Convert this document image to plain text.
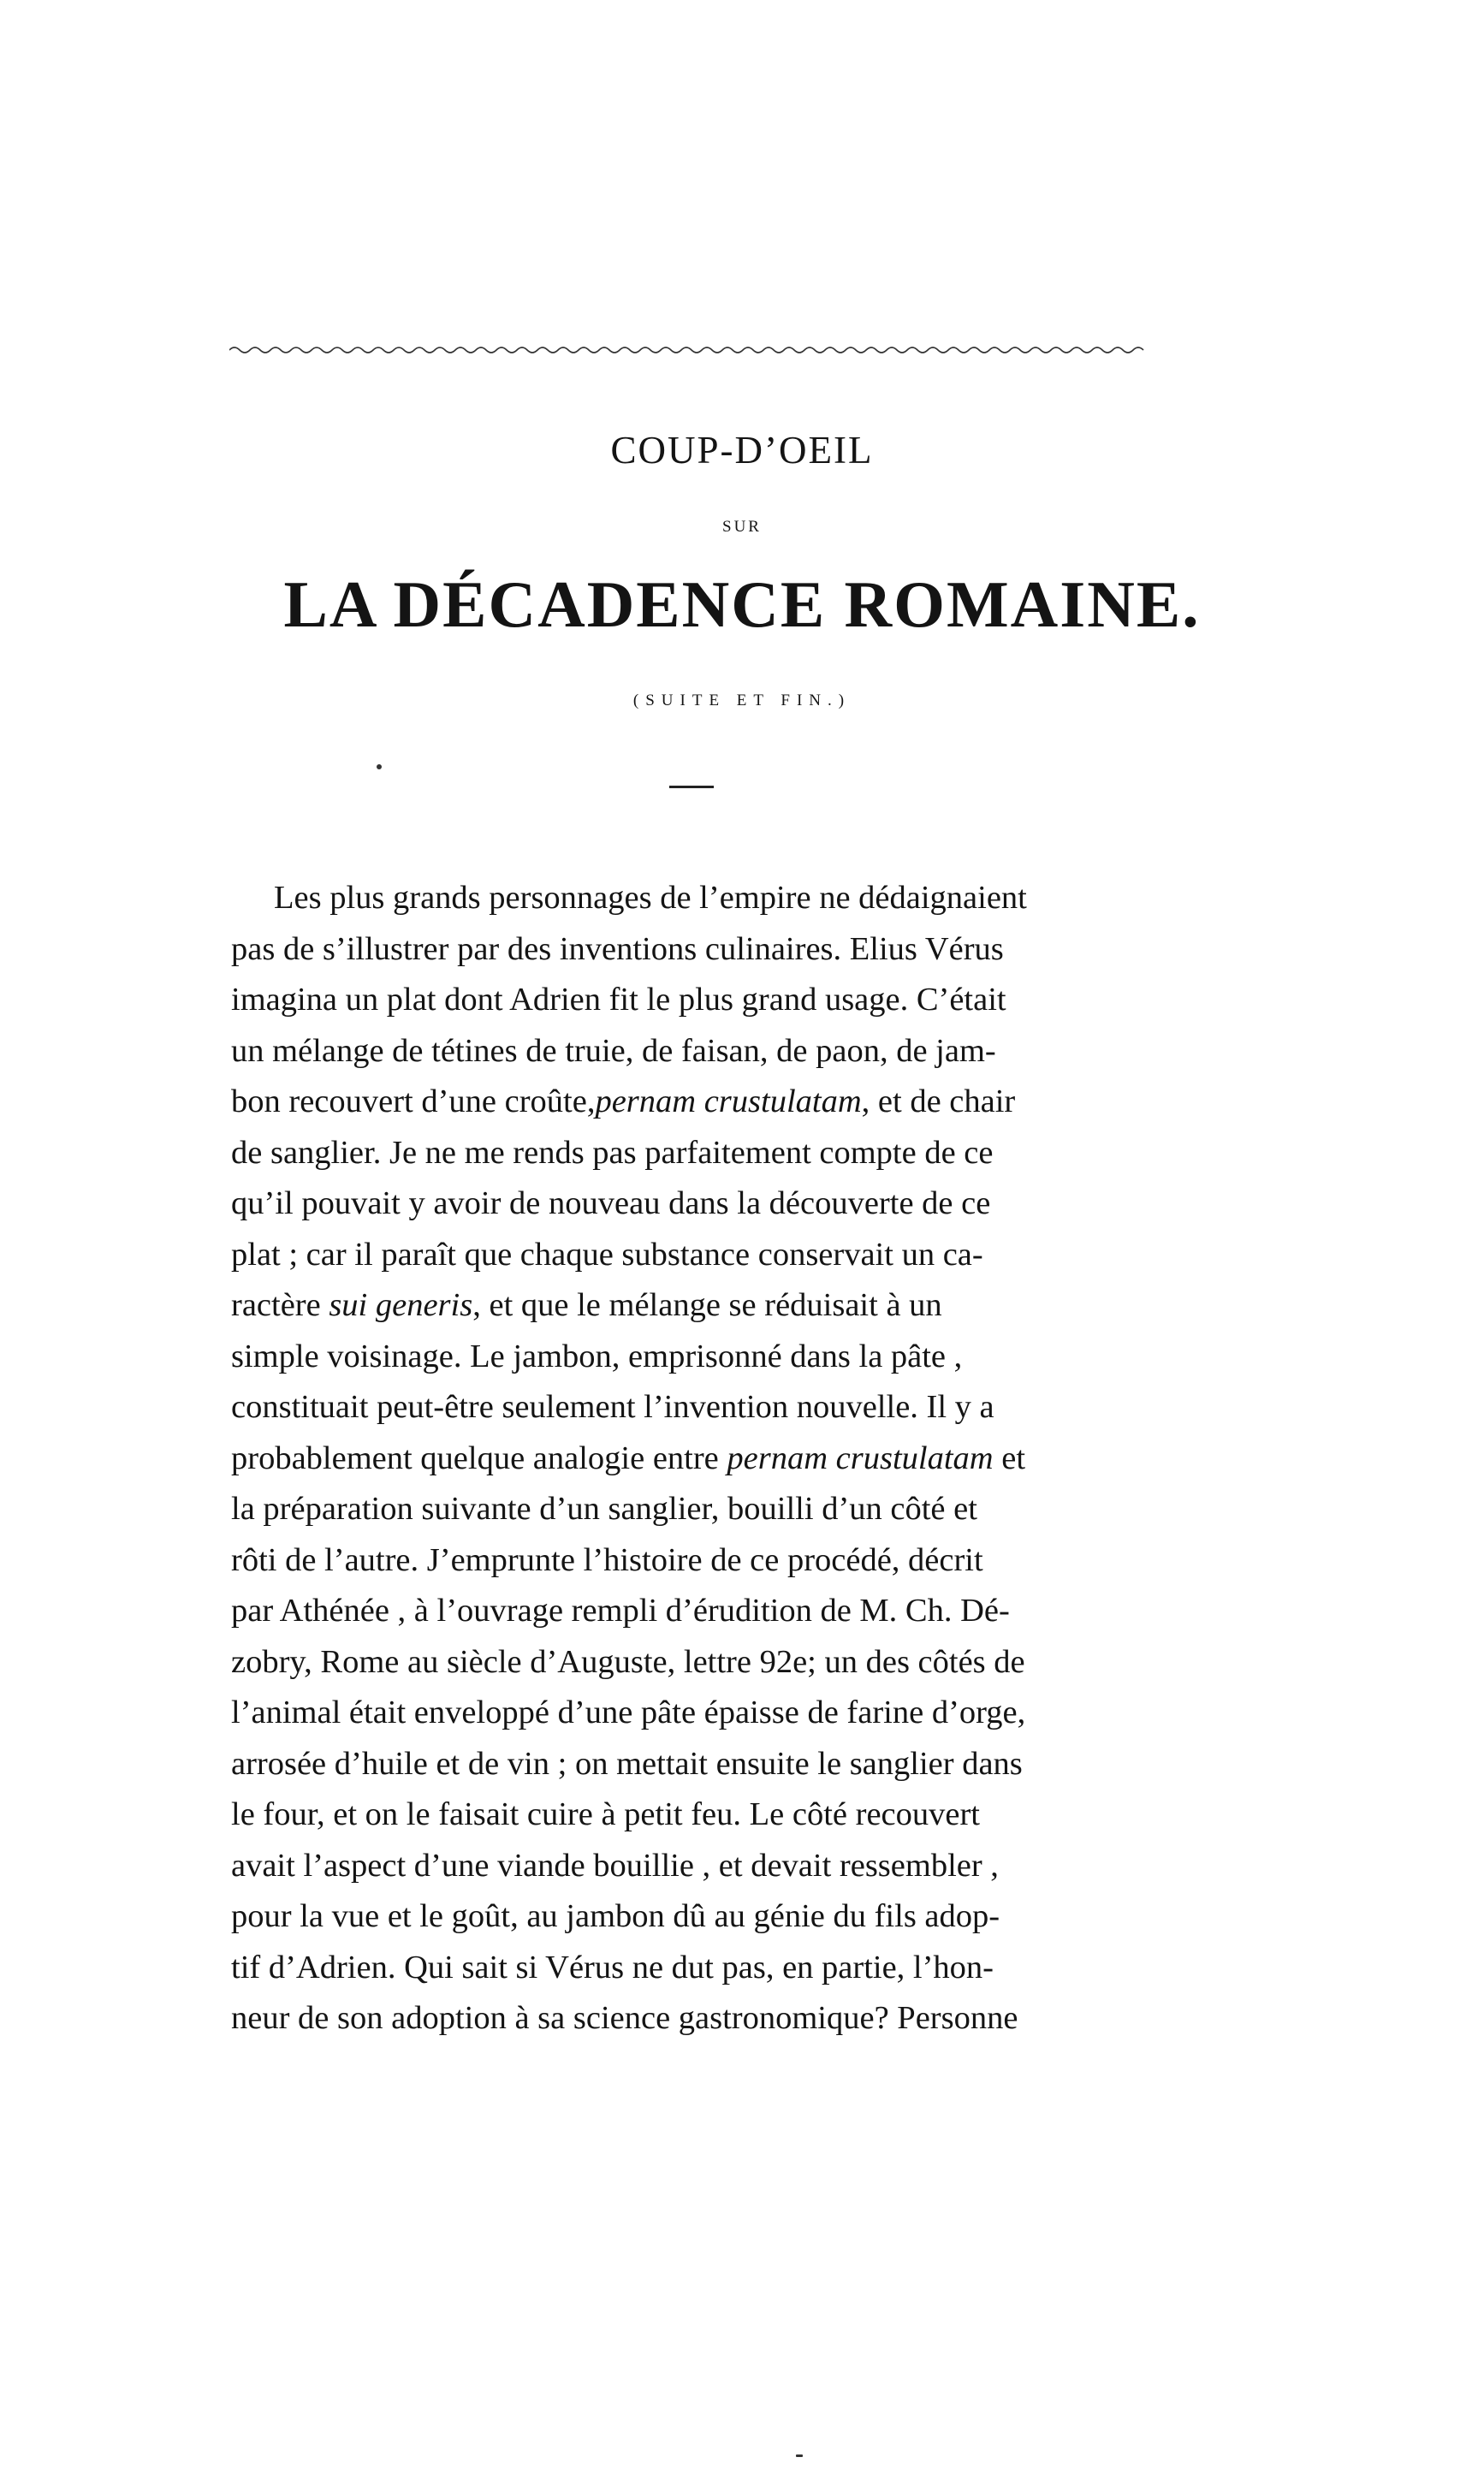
COUP-D’OEIL
SUR
LA DÉCADENCE ROMAINE.
(SUITE ET FIN.)
Les plus grands personnages de l’empire ne dédaignaient
pas de s’illustrer par des inventions culinaires. Elius Vérus
imagina un plat dont Adrien fit le plus grand usage. C’était
un mélange de tétines de truie, de faisan, de paon, de jam-
bon recouvert d’une croûte, pernam crustulatam , et de chair
de sanglier. Je ne me rends pas parfaitement compte de ce
qu’il pouvait y avoir de nouveau dans la découverte de ce
plat ; car il paraît que chaque substance conservait un ca-
ractère sui generis , et que le mélange se réduisait à un
simple voisinage. Le jambon, emprisonné dans la pâte ,
constituait peut-être seulement l’invention nouvelle. Il y a
probablement quelque analogie entre pernam crustulatam et
la préparation suivante d’un sanglier, bouilli d’un côté et
rôti de l’autre. J’emprunte l’histoire de ce procédé, décrit
par Athénée , à l’ouvrage rempli d’érudition de M. Ch. Dé-
zobry, Rome au siècle d’Auguste, lettre 92e; un des côtés de
l’animal était enveloppé d’une pâte épaisse de farine d’orge,
arrosée d’huile et de vin ; on mettait ensuite le sanglier dans
le four, et on le faisait cuire à petit feu. Le côté recouvert
avait l’aspect d’une viande bouillie , et devait ressembler ,
pour la vue et le goût, au jambon dû au génie du fils adop-
tif d’Adrien. Qui sait si Vérus ne dut pas, en partie, l’hon-
neur de son adoption à sa science gastronomique? Personne
